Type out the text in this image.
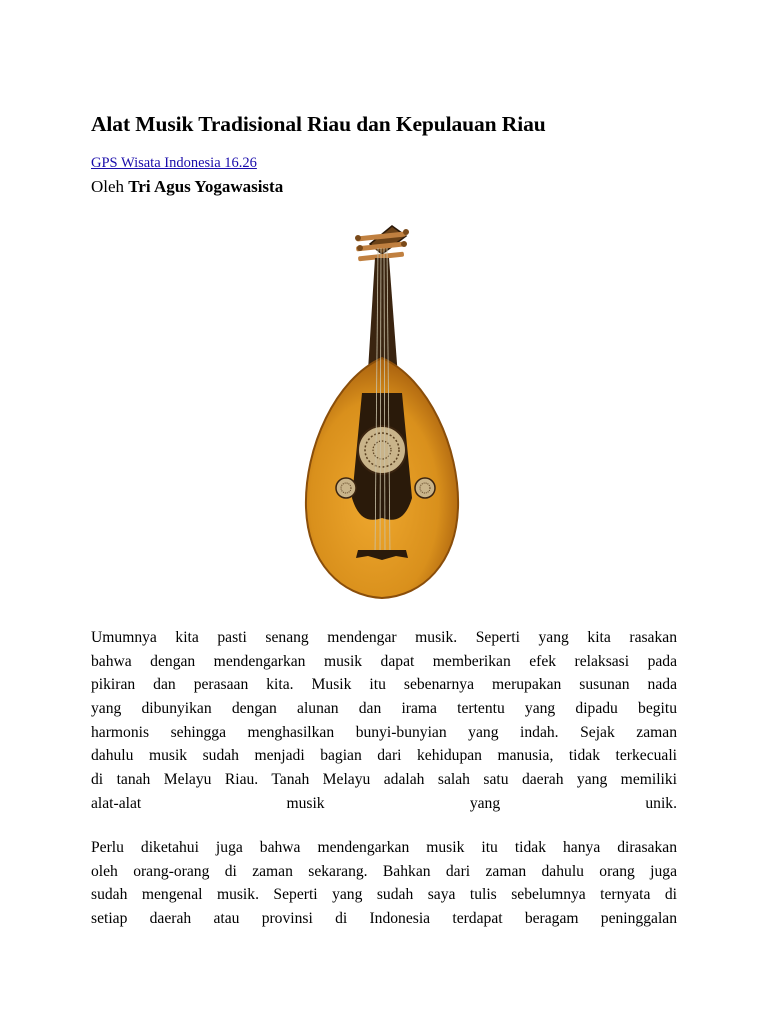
Alat Musik Tradisional Riau dan Kepulauan Riau
GPS Wisata Indonesia 16.26
Oleh Tri Agus Yogawasista
Umumnya kita pasti senang mendengar musik. Seperti yang kita rasakan
bahwa dengan mendengarkan musik dapat memberikan efek relaksasi pada
pikiran dan perasaan kita. Musik itu sebenarnya merupakan susunan nada
yang dibunyikan dengan alunan dan irama tertentu yang dipadu begitu
harmonis sehingga menghasilkan bunyi-bunyian yang indah. Sejak zaman
dahulu musik sudah menjadi bagian dari kehidupan manusia, tidak terkecuali
di tanah Melayu Riau. Tanah Melayu adalah salah satu daerah yang memiliki
alat-alat musik yang unik.
Perlu diketahui juga bahwa mendengarkan musik itu tidak hanya dirasakan
oleh orang-orang di zaman sekarang. Bahkan dari zaman dahulu orang juga
sudah mengenal musik. Seperti yang sudah saya tulis sebelumnya ternyata di
setiap daerah atau provinsi di Indonesia terdapat beragam peninggalan
